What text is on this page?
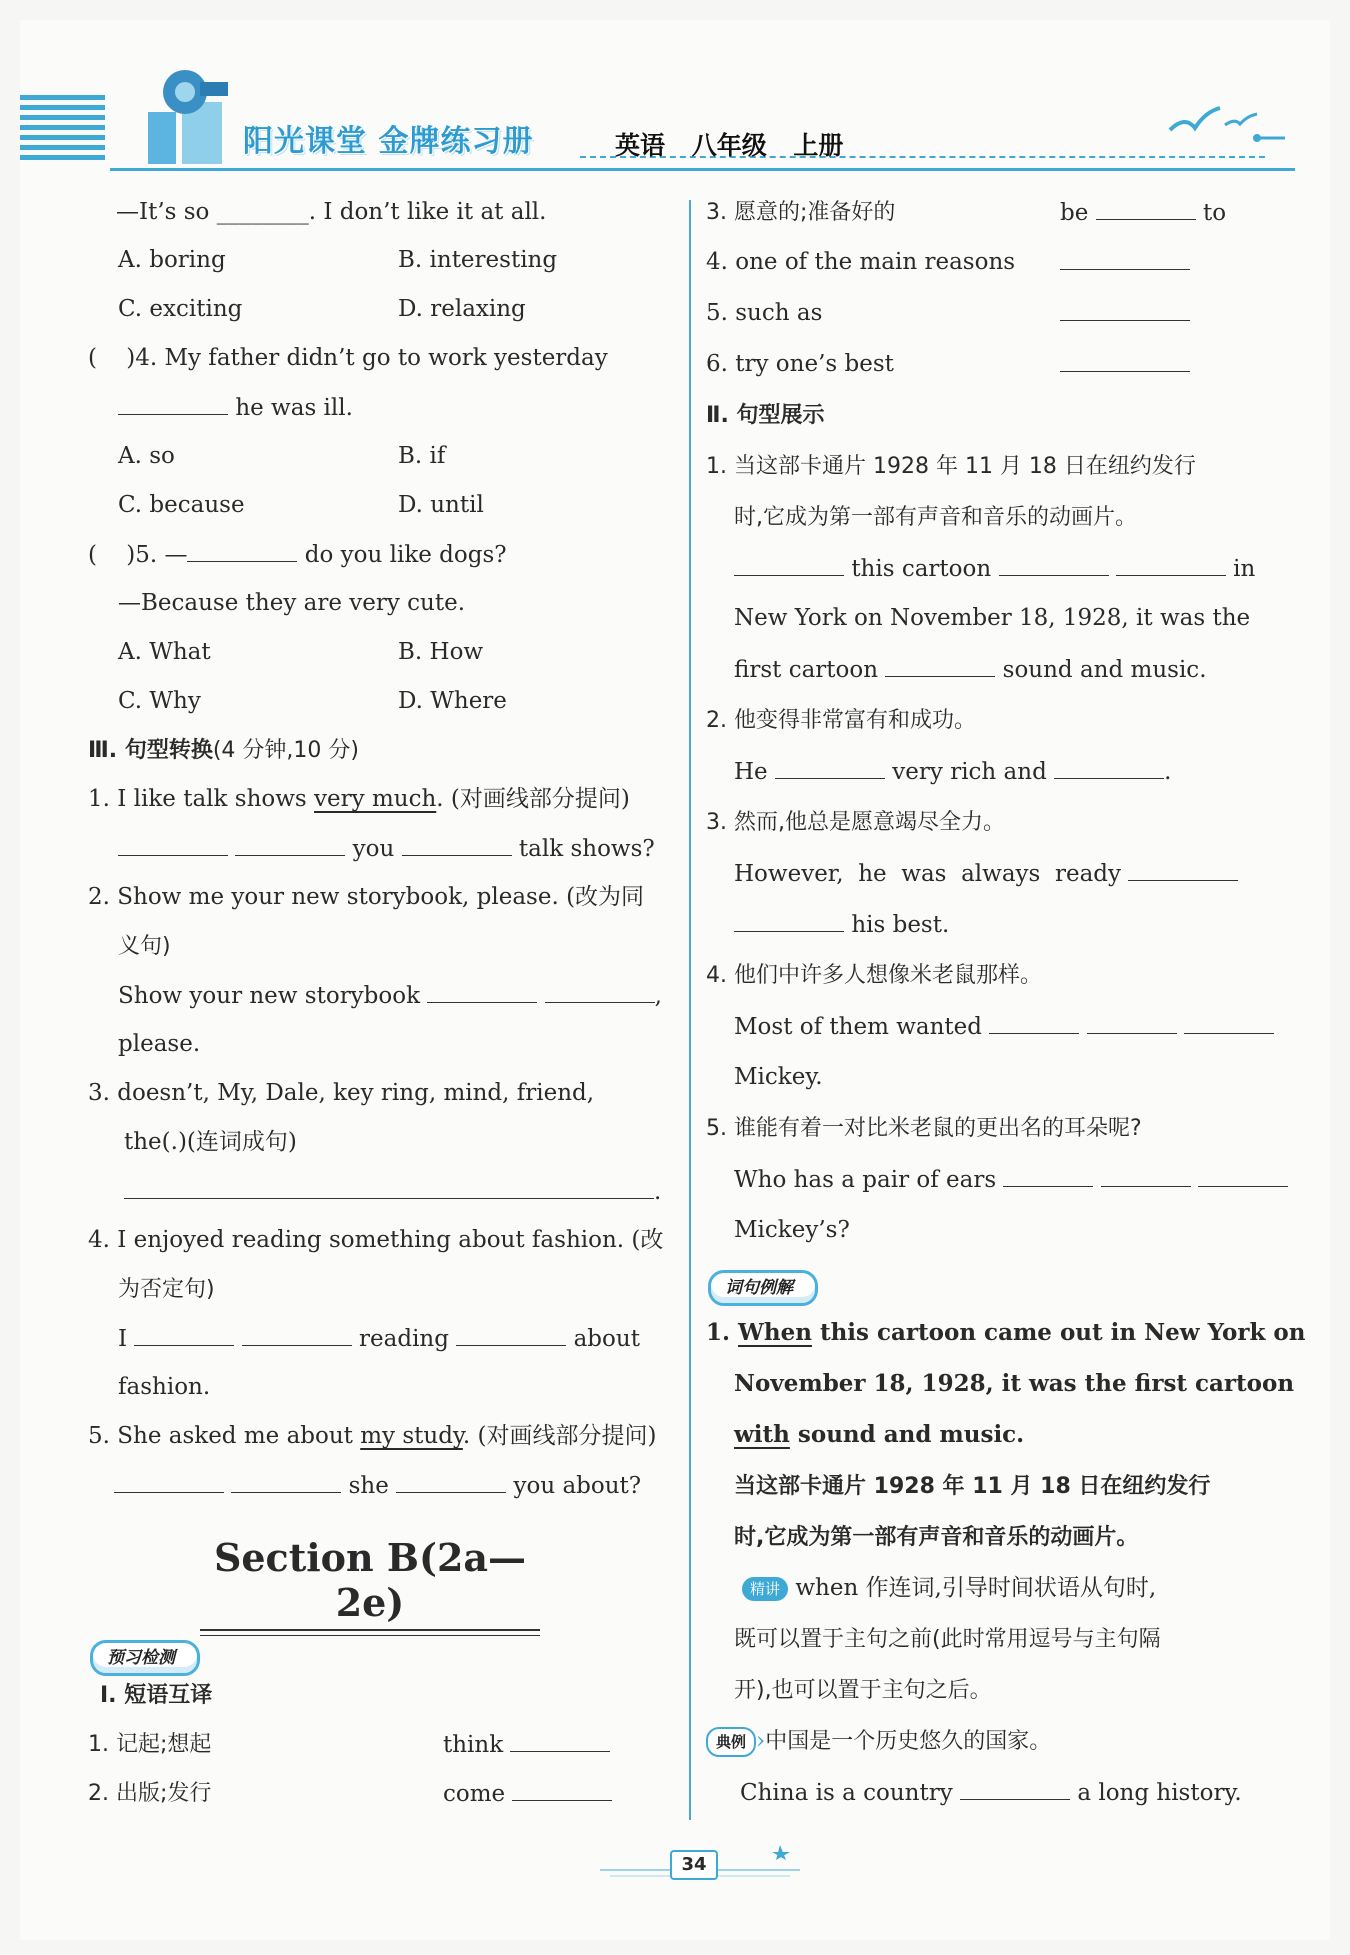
阳光课堂 金牌练习册	英语 八年级 上册
—It’s so ________. I don’t like it at all.
A. boring	B. interesting
C. exciting	D. relaxing
(    )4. My father didn’t go to work yesterday
he was ill.
A. so	B. if
C. because	D. until
(    )5. —	do you like dogs?
—Because they are very cute.
A. What	B. How
C. Why	D. Where
Ⅲ. 句型转换(4 分钟,10 分)
1. I like talk shows very much. (对画线部分提问)
you	talk shows?
2. Show me your new storybook, please. (改为同
义句)
Show your new storybook	,
please.
3. doesn’t, My, Dale, key ring, mind, friend,
the(.)(连词成句)
.
4. I enjoyed reading something about fashion. (改
为否定句)
I	reading	about
fashion.
5. She asked me about my study. (对画线部分提问)
she	you about?
Ⅰ. 短语互译
1. 记起;想起	think
2. 出版;发行	come
Section B(2a—2e)
预习检测
3. 愿意的;准备好的	be	to
4. one of the main reasons
5. such as
6. try one’s best
Ⅱ. 句型展示
1. 当这部卡通片 1928 年 11 月 18 日在纽约发行
时,它成为第一部有声音和音乐的动画片。
this cartoon	in
New York on November 18, 1928, it was the
first cartoon	sound and music.
2. 他变得非常富有和成功。
He	very rich and	.
3. 然而,他总是愿意竭尽全力。
However,  he  was  always  ready
his best.
4. 他们中许多人想像米老鼠那样。
Most of them wanted
Mickey.
5. 谁能有着一对比米老鼠的更出名的耳朵呢?
Who has a pair of ears
Mickey’s?
1. When this cartoon came out in New York on
November 18, 1928, it was the first cartoon
with sound and music.
当这部卡通片 1928 年 11 月 18 日在纽约发行
时,它成为第一部有声音和音乐的动画片。
精讲 when 作连词,引导时间状语从句时,
既可以置于主句之前(此时常用逗号与主句隔
开),也可以置于主句之后。
典例 ›中国是一个历史悠久的国家。
China is a country	a long history.
词句例解
34
